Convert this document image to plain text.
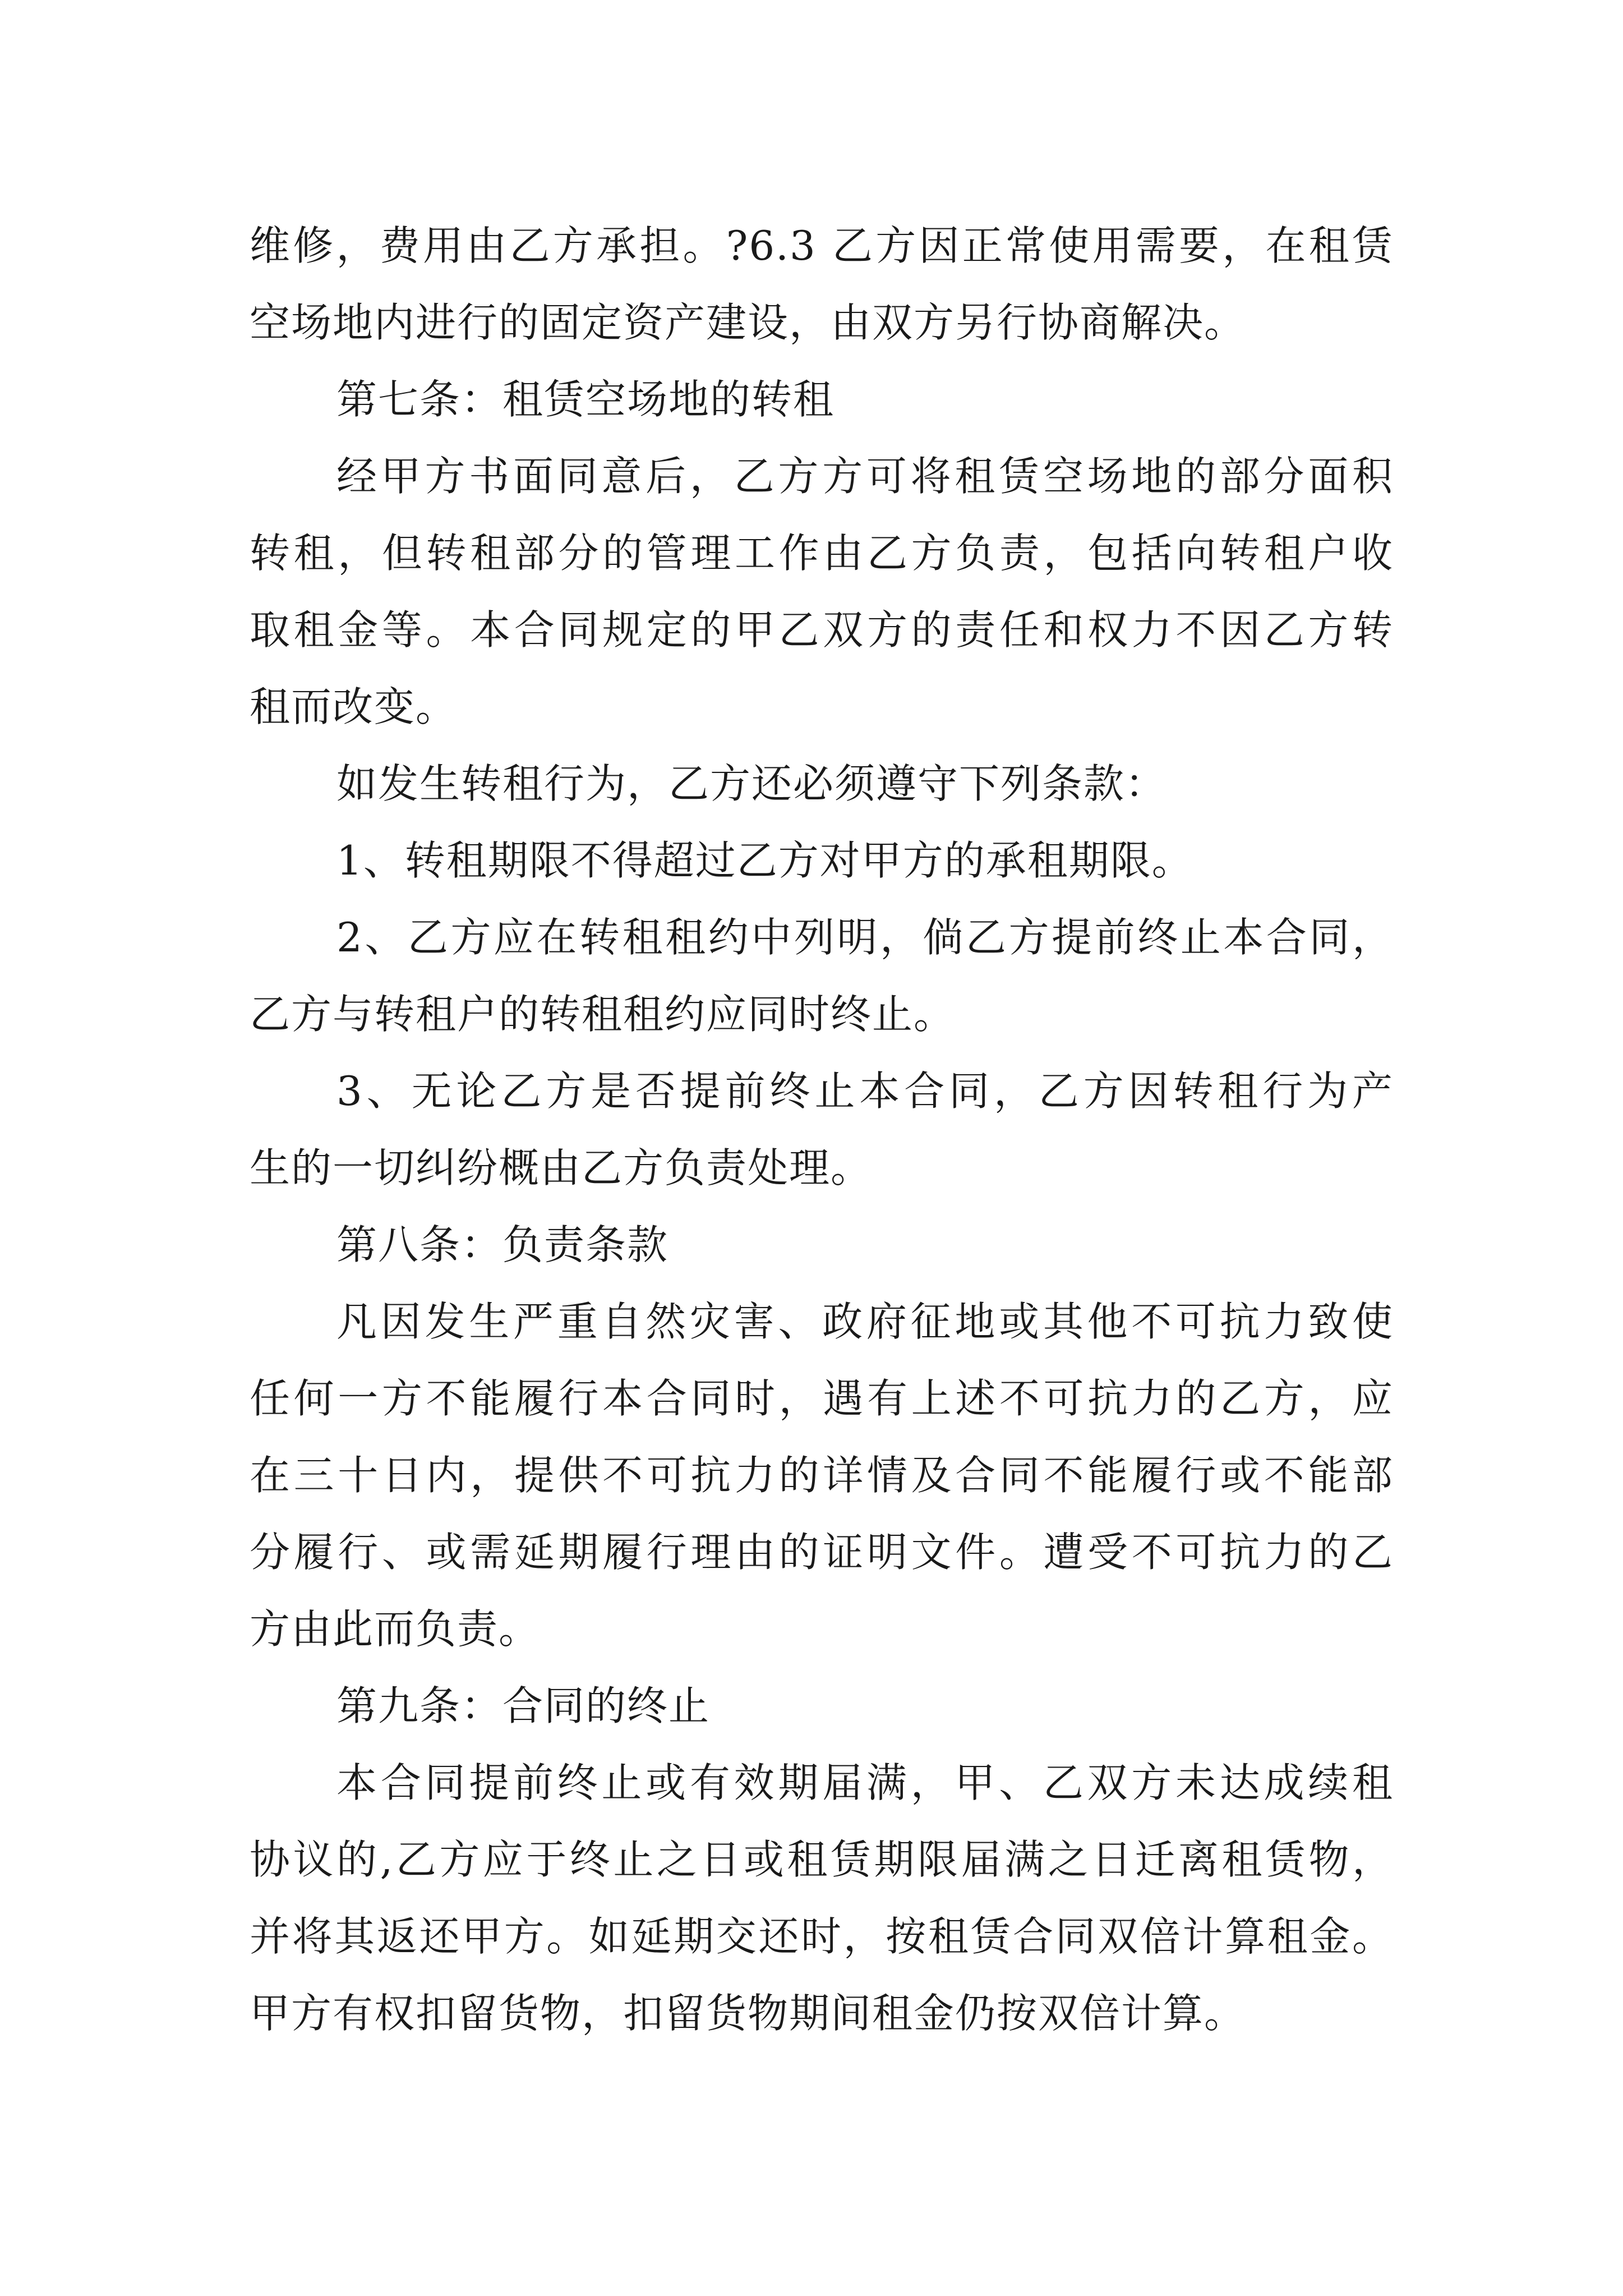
维修，费用由乙方承担。?6.3 乙方因正常使用需要，在租赁

空场地内进行的固定资产建设，由双方另行协商解决。

第七条：租赁空场地的转租

经甲方书面同意后，乙方方可将租赁空场地的部分面积

转租，但转租部分的管理工作由乙方负责，包括向转租户收

取租金等。本合同规定的甲乙双方的责任和权力不因乙方转

租而改变。

如发生转租行为，乙方还必须遵守下列条款：

1、转租期限不得超过乙方对甲方的承租期限。

2、乙方应在转租租约中列明，倘乙方提前终止本合同，

乙方与转租户的转租租约应同时终止。

3、无论乙方是否提前终止本合同，乙方因转租行为产

生的一切纠纷概由乙方负责处理。

第八条：负责条款

凡因发生严重自然灾害、政府征地或其他不可抗力致使

任何一方不能履行本合同时，遇有上述不可抗力的乙方，应

在三十日内，提供不可抗力的详情及合同不能履行或不能部

分履行、或需延期履行理由的证明文件。遭受不可抗力的乙

方由此而负责。

第九条：合同的终止

本合同提前终止或有效期届满，甲、乙双方未达成续租

协议的,乙方应于终止之日或租赁期限届满之日迁离租赁物，

并将其返还甲方。如延期交还时，按租赁合同双倍计算租金。

甲方有权扣留货物，扣留货物期间租金仍按双倍计算。
